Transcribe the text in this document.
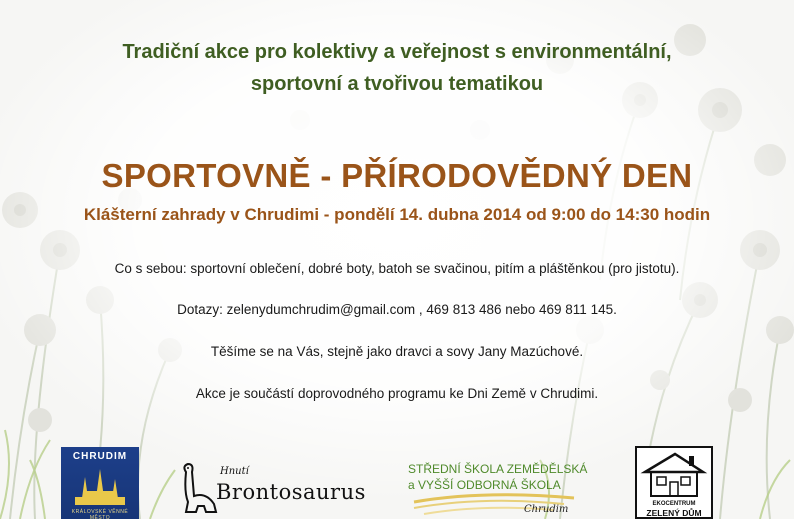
Tradiční akce pro kolektivy a veřejnost s environmentální,
sportovní a tvořivou tematikou

SPORTOVNĚ - PŘÍRODOVĚDNÝ DEN

Klášterní zahrady v Chrudimi - pondělí 14. dubna 2014 od 9:00 do 14:30 hodin

Co s sebou: sportovní oblečení, dobré boty, batoh se svačinou, pitím a pláštěnkou (pro jistotu).

Dotazy: zelenydumchrudim@gmail.com , 469 813 486 nebo 469 811 145.

Těšíme se na Vás, stejně jako dravci a sovy Jany Mazúchové.

Akce je součástí doprovodného programu ke Dni Země v Chrudimi.

CHRUDIM
KRÁLOVSKÉ VĚNNÉ MĚSTO
Hnutí
Brontosaurus
STŘEDNÍ ŠKOLA ZEMĚDĚLSKÁ
a VYŠŠÍ ODBORNÁ ŠKOLA
Chrudim	EKOCENTRUM
ZELENÝ DŮM
